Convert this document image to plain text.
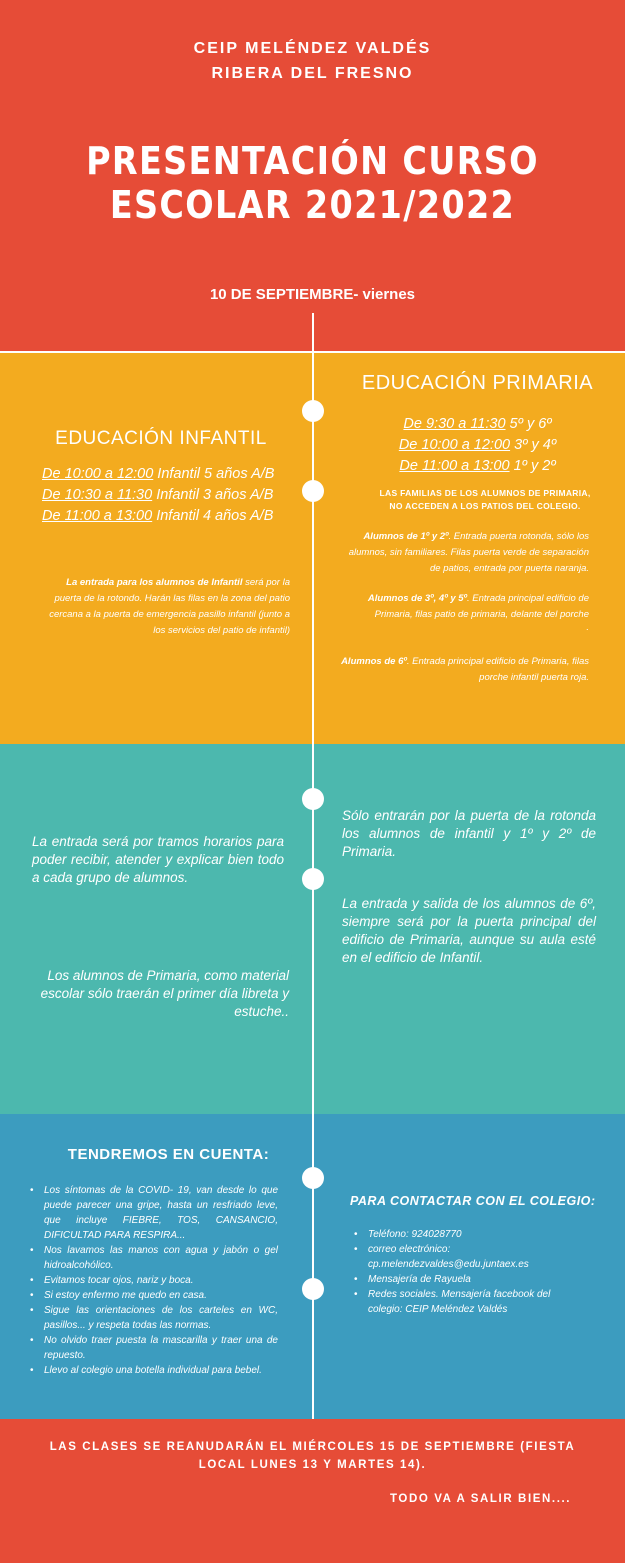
CEIP MELÉNDEZ VALDÉS
RIBERA DEL FRESNO
PRESENTACIÓN CURSO
ESCOLAR 2021/2022
10 DE SEPTIEMBRE- viernes
EDUCACIÓN INFANTIL
De 10:00 a 12:00 Infantil 5 años A/B
De 10:30 a 11:30 Infantil 3 años A/B
De 11:00 a 13:00 Infantil 4 años A/B
La entrada para los alumnos de Infantil será por la puerta de la rotondo. Harán las filas en la zona del patio cercana a la puerta de emergencia pasillo infantil (junto a los servicios del patio de infantil)
EDUCACIÓN PRIMARIA
De 9:30 a 11:30 5º y 6º
De 10:00 a 12:00 3º y 4º
De 11:00 a 13:00 1º y 2º
LAS FAMILIAS DE LOS ALUMNOS DE PRIMARIA,
NO ACCEDEN A LOS PATIOS DEL COLEGIO.
Alumnos de 1º y 2º. Entrada puerta rotonda, sólo los alumnos, sin familiares. Filas puerta verde de separación de patios, entrada por puerta naranja.
Alumnos de 3º, 4º y 5º. Entrada principal edificio de Primaria, filas patio de primaria, delante del porche
.
Alumnos de 6º. Entrada principal edificio de Primaria, filas porche infantil puerta roja.
La entrada será por tramos horarios para poder recibir, atender y explicar bien todo a cada grupo de alumnos.
Los alumnos de Primaria, como material escolar sólo traerán el primer día libreta y estuche..
Sólo entrarán por la puerta de la rotonda los alumnos de infantil y 1º y 2º de Primaria.
La entrada y salida de los alumnos de 6º, siempre será por la puerta principal del edificio de Primaria, aunque su aula esté en el edificio de Infantil.
TENDREMOS EN CUENTA:
• Los síntomas de la COVID- 19, van desde lo que puede parecer una gripe, hasta un resfriado leve, que incluye FIEBRE, TOS, CANSANCIO, DIFICULTAD PARA RESPIRA...
• Nos lavamos las manos con agua y jabón o gel hidroalcohólico.
• Evitamos tocar ojos, nariz y boca.
• Si estoy enfermo me quedo en casa.
• Sigue las orientaciones de los carteles en WC, pasillos... y respeta todas las normas.
• No olvido traer puesta la mascarilla y traer una de repuesto.
• Llevo al colegio una botella individual para bebel.
PARA CONTACTAR CON EL COLEGIO:
• Teléfono: 924028770
• correo electrónico: cp.melendezvaldes@edu.juntaex.es
• Mensajería de Rayuela
• Redes sociales. Mensajería facebook del colegio: CEIP Meléndez Valdés
LAS CLASES SE REANUDARÁN EL MIÉRCOLES 15 DE SEPTIEMBRE (FIESTA
LOCAL LUNES 13 Y MARTES 14).
TODO VA A SALIR BIEN....
